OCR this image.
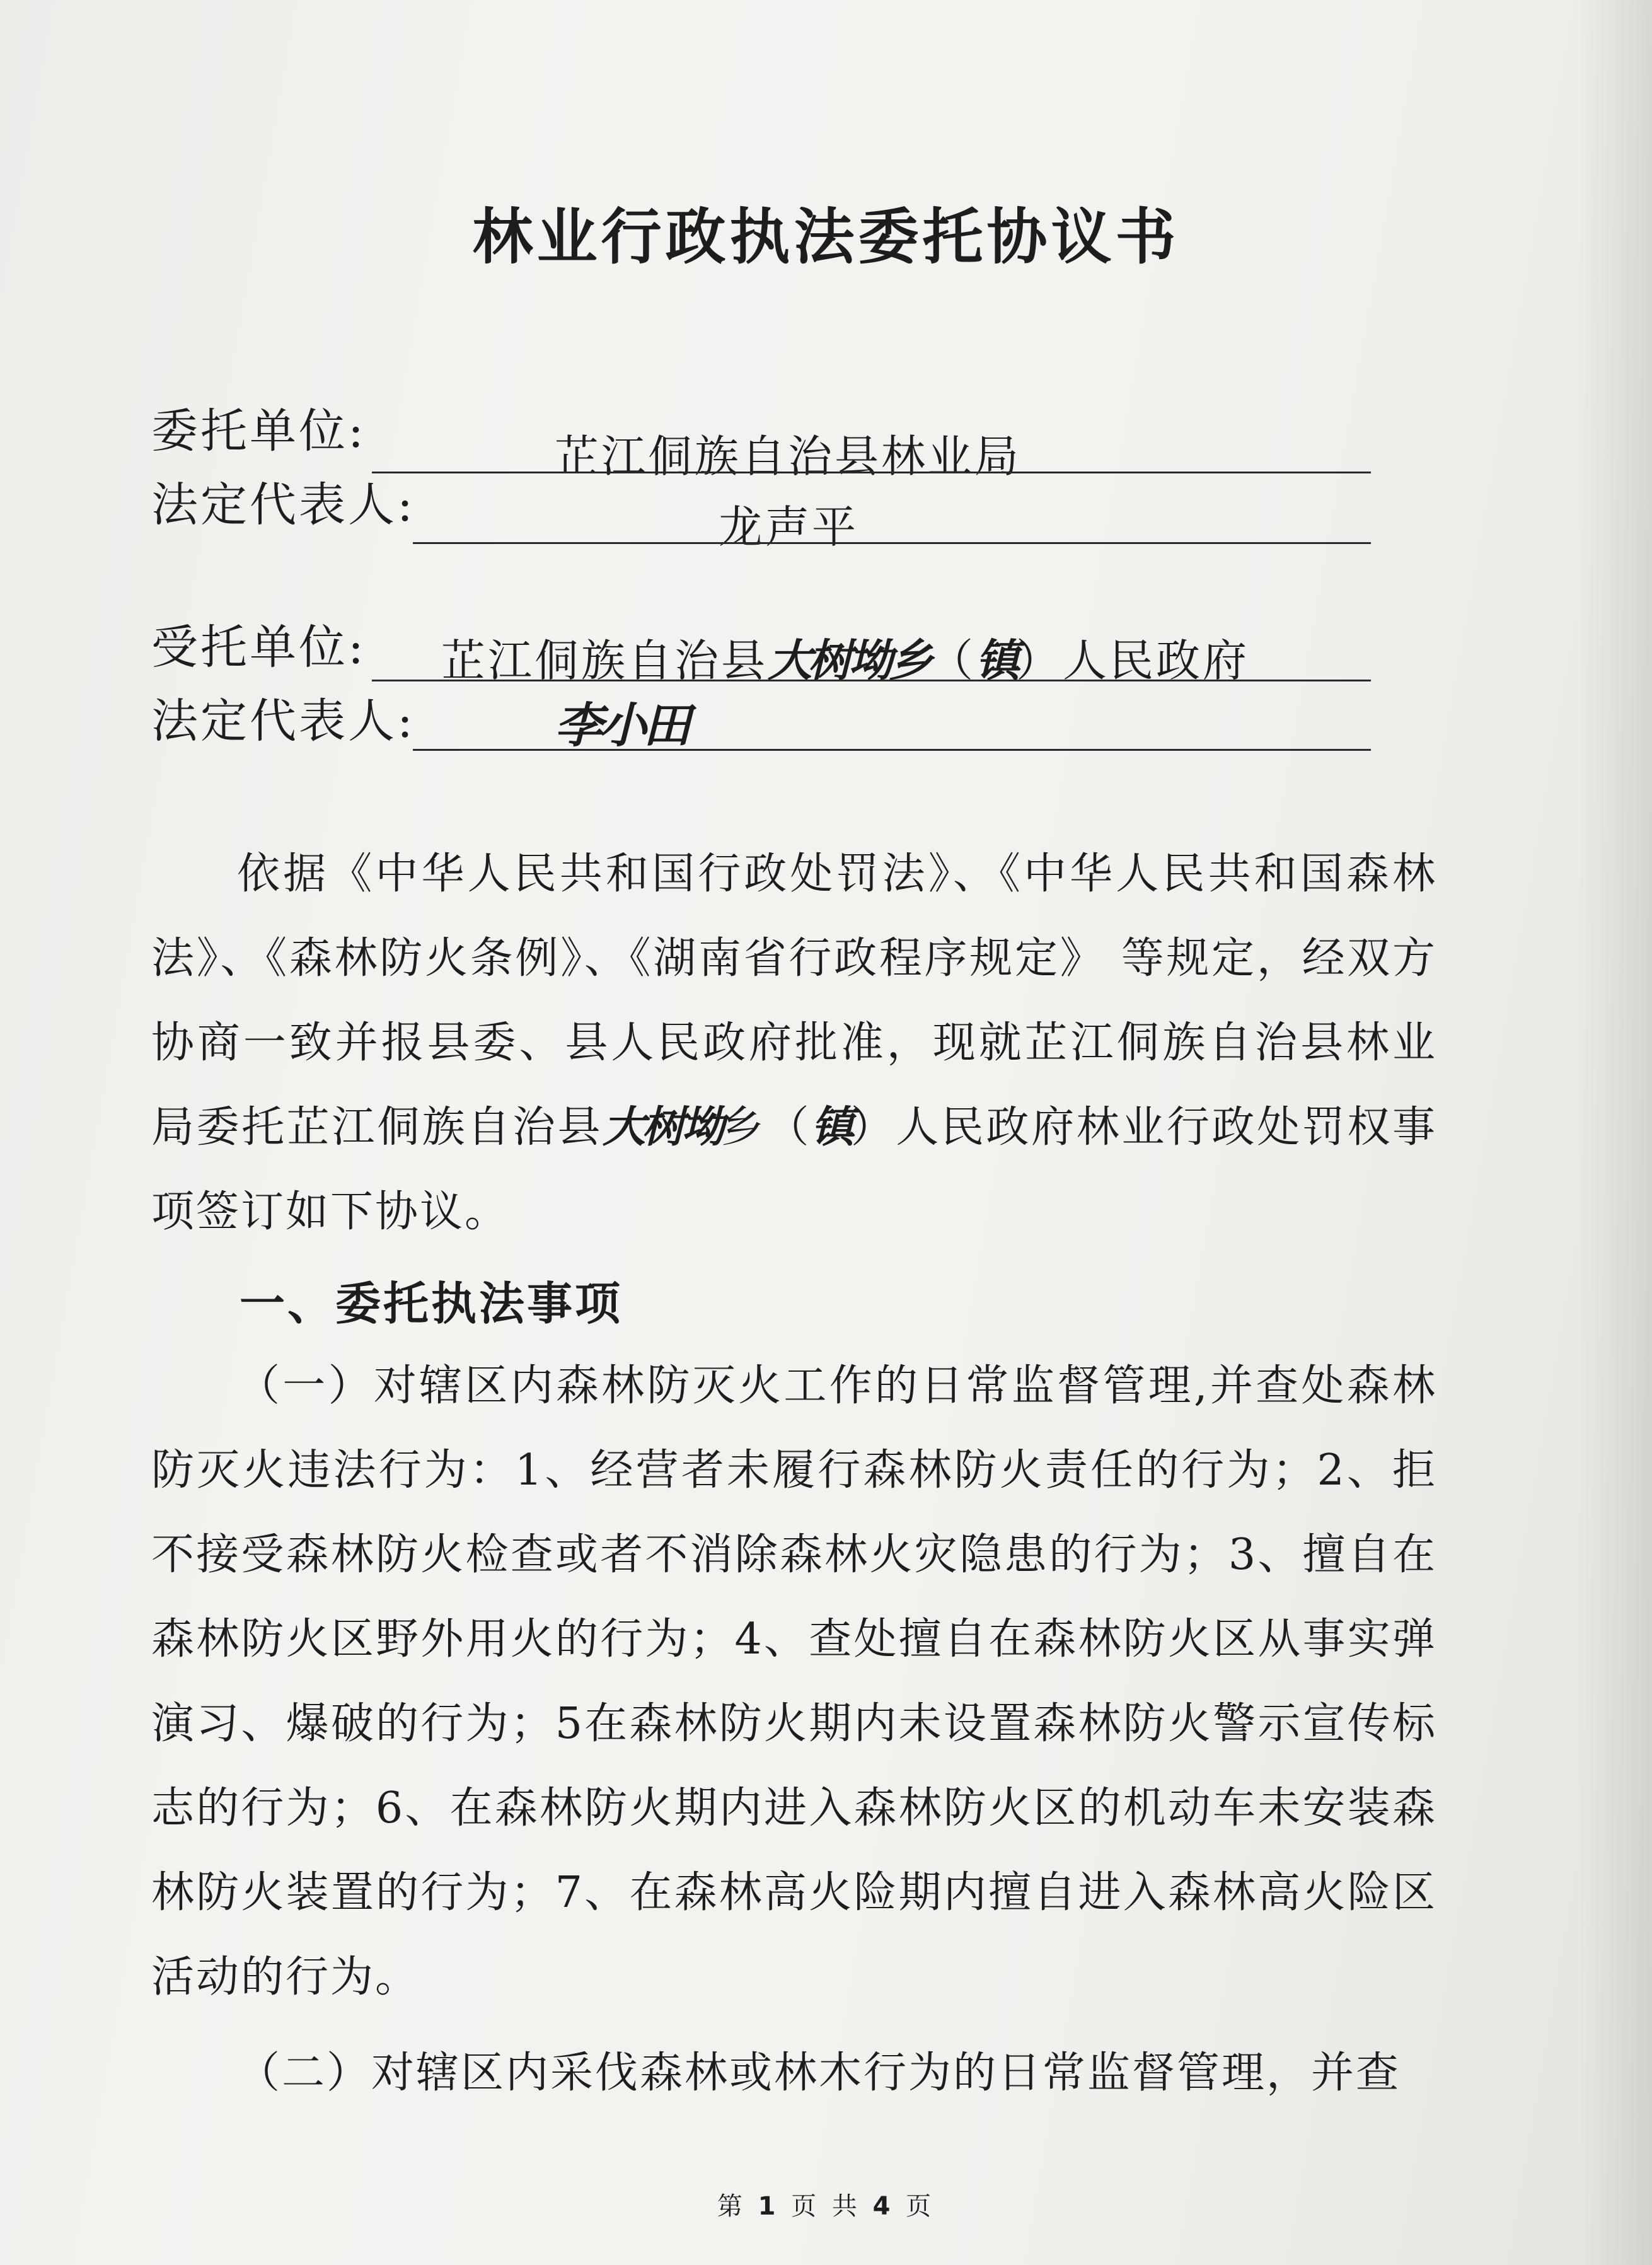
林业行政执法委托协议书
委托单位:	芷江侗族自治县林业局
法定代表人:	龙声平
受托单位: 芷江侗族自治县大树坳乡（镇）人民政府
法定代表人:	李小田

依据《中华人民共和国行政处罚法》、《中华人民共和国森林法》、《森林防火条例》、《湖南省行政程序规定》 等规定，经双方协商一致并报县委、县人民政府批准，现就芷江侗族自治县林业局委托芷江侗族自治县大树坳乡（镇）人民政府林业行政处罚权事项签订如下协议。

一、委托执法事项

（一）对辖区内森林防灭火工作的日常监督管理,并查处森林防灭火违法行为：1、经营者未履行森林防火责任的行为；2、拒不接受森林防火检查或者不消除森林火灾隐患的行为；3、擅自在森林防火区野外用火的行为；4、查处擅自在森林防火区从事实弹演习、爆破的行为；5在森林防火期内未设置森林防火警示宣传标志的行为；6、在森林防火期内进入森林防火区的机动车未安装森林防火装置的行为；7、在森林高火险期内擅自进入森林高火险区活动的行为。

（二）对辖区内采伐森林或林木行为的日常监督管理，并查

第 1 页 共 4 页
